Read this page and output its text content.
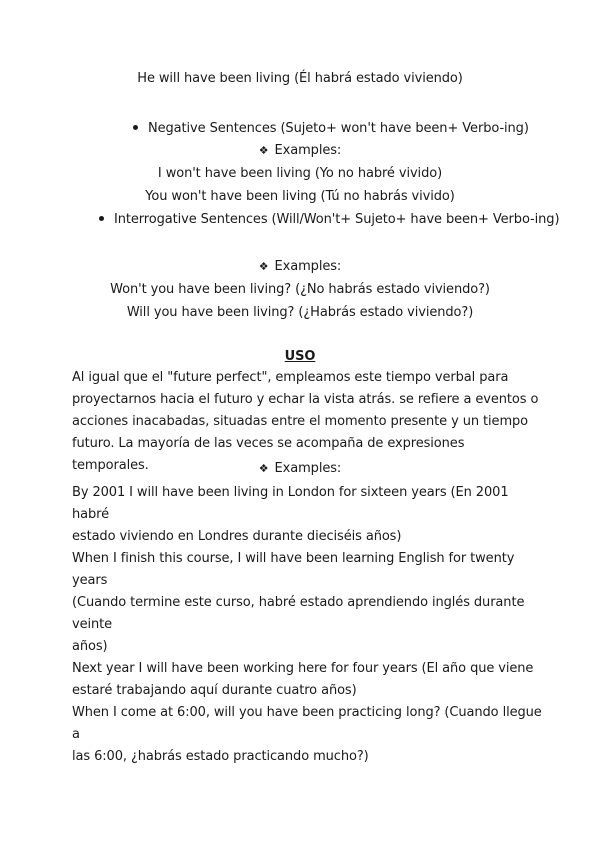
He will have been living (Él habrá estado viviendo)
Negative Sentences (Sujeto+ won't have been+ Verbo-ing)
❖ Examples:
I won't have been living (Yo no habré vivido)
You won't have been living (Tú no habrás vivido)
Interrogative Sentences (Will/Won't+ Sujeto+ have been+ Verbo-ing)
❖ Examples:
Won't you have been living? (¿No habrás estado viviendo?)
Will you have been living? (¿Habrás estado viviendo?)
USO
Al igual que el "future perfect", empleamos este tiempo verbal para
proyectarnos hacia el futuro y echar la vista atrás. se refiere a eventos o
acciones inacabadas, situadas entre el momento presente y un tiempo
futuro. La mayoría de las veces se acompaña de expresiones temporales.	❖ Examples:
By 2001 I will have been living in London for sixteen years (En 2001 habré
estado viviendo en Londres durante dieciséis años)
When I finish this course, I will have been learning English for twenty years
(Cuando termine este curso, habré estado aprendiendo inglés durante veinte
años)
Next year I will have been working here for four years (El año que viene
estaré trabajando aquí durante cuatro años)
When I come at 6:00, will you have been practicing long? (Cuando llegue a
las 6:00, ¿habrás estado practicando mucho?)
